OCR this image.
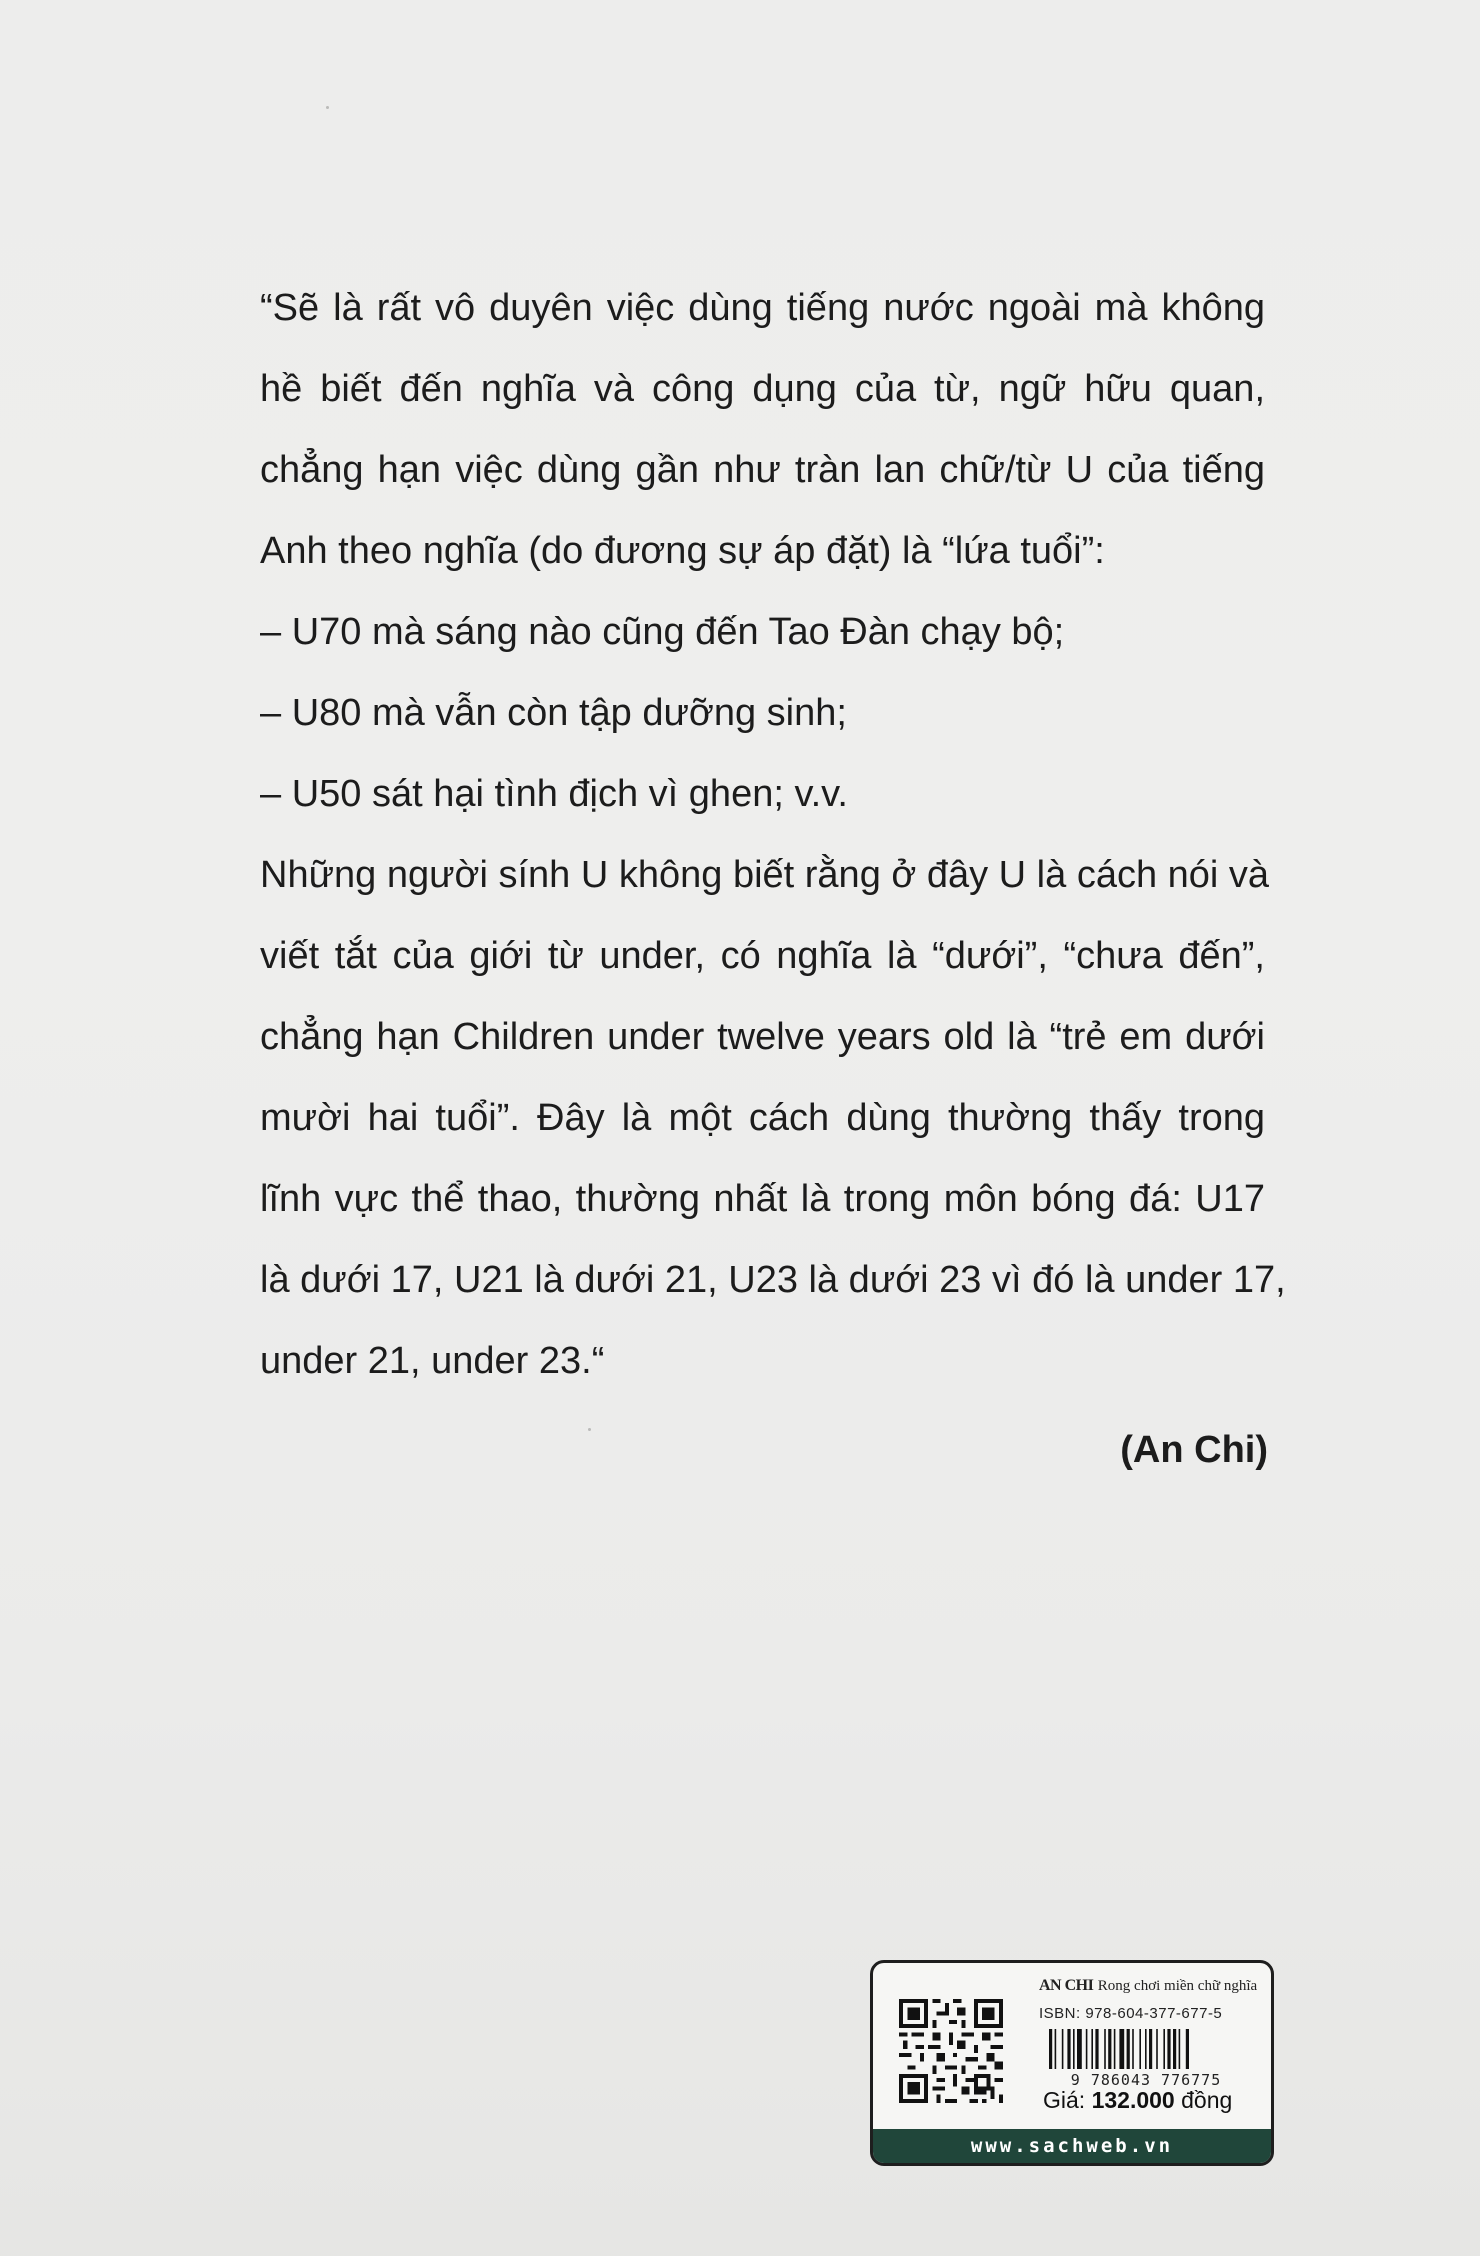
“Sẽ là rất vô duyên việc dùng tiếng nước ngoài mà không
hề biết đến nghĩa và công dụng của từ, ngữ hữu quan,
chẳng hạn việc dùng gần như tràn lan chữ/từ U của tiếng
Anh theo nghĩa (do đương sự áp đặt) là “lứa tuổi”:
– U70 mà sáng nào cũng đến Tao Đàn chạy bộ;
– U80 mà vẫn còn tập dưỡng sinh;
– U50 sát hại tình địch vì ghen; v.v.
Những người sính U không biết rằng ở đây U là cách nói và
viết tắt của giới từ under, có nghĩa là “dưới”, “chưa đến”,
chẳng hạn Children under twelve years old là “trẻ em dưới
mười hai tuổi”. Đây là một cách dùng thường thấy trong
lĩnh vực thể thao, thường nhất là trong môn bóng đá: U17
là dưới 17, U21 là dưới 21, U23 là dưới 23 vì đó là under 17,
under 21, under 23.“
(An Chi)
AN CHI Rong chơi miền chữ nghĩa
ISBN: 978-604-377-677-5
9 786043 776775
Giá: 132.000 đồng
www.sachweb.vn
